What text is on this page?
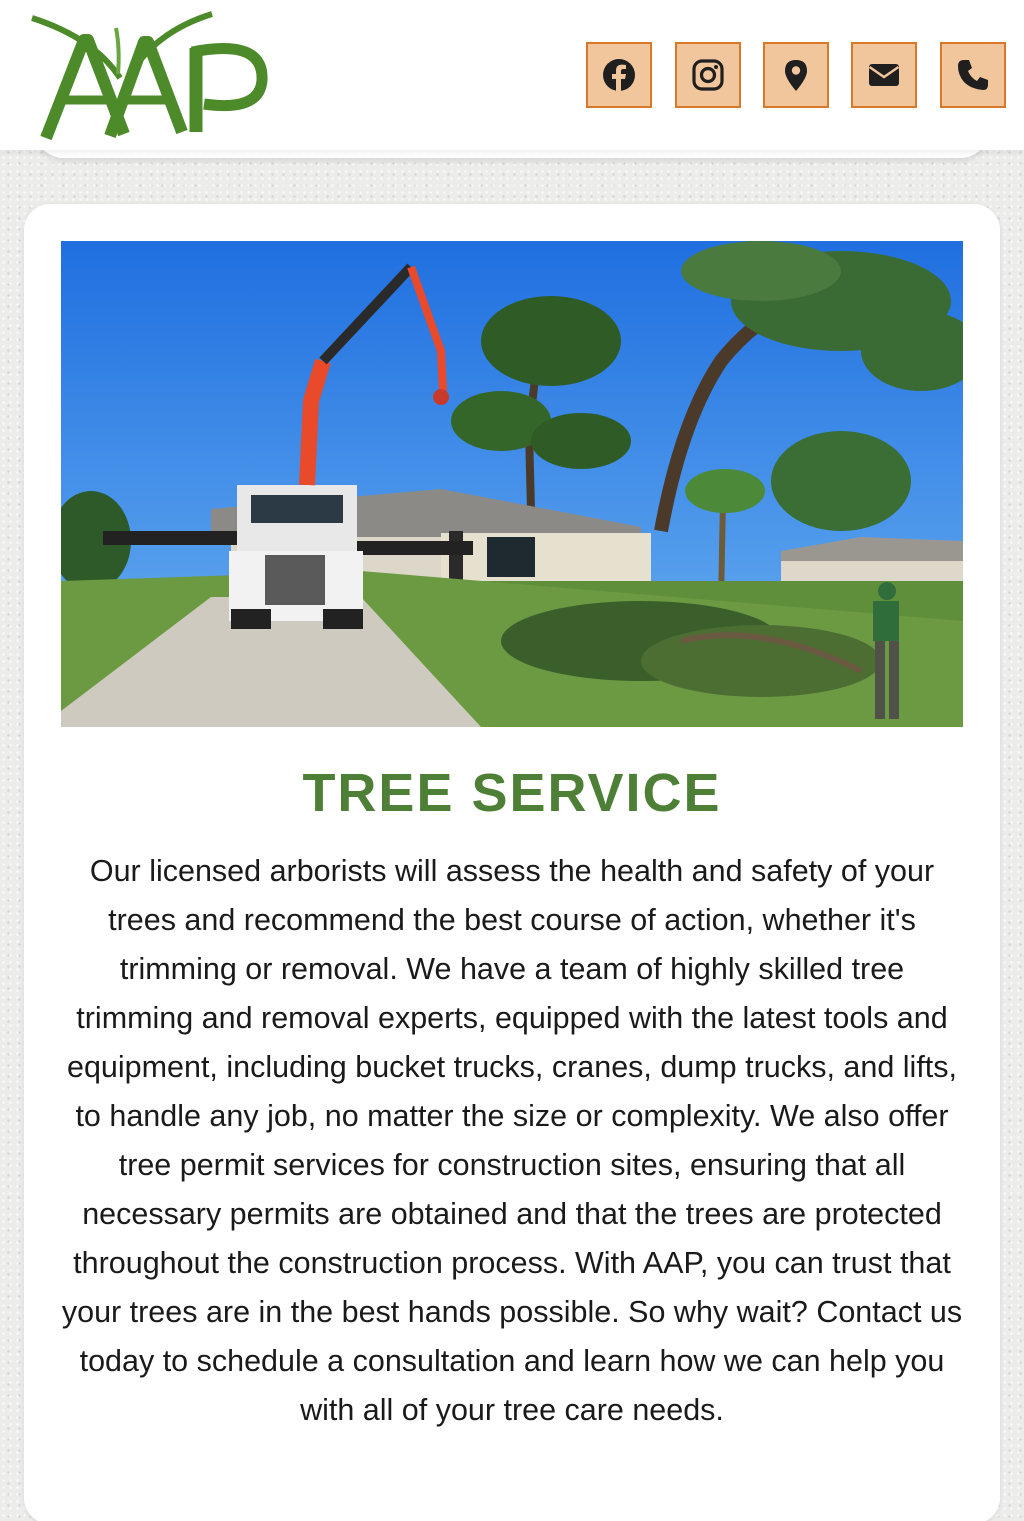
TREE SERVICE

Our licensed arborists will assess the health and safety of your trees and recommend the best course of action, whether it's trimming or removal. We have a team of highly skilled tree trimming and removal experts, equipped with the latest tools and equipment, including bucket trucks, cranes, dump trucks, and lifts, to handle any job, no matter the size or complexity. We also offer tree permit services for construction sites, ensuring that all necessary permits are obtained and that the trees are protected throughout the construction process. With AAP, you can trust that your trees are in the best hands possible. So why wait? Contact us today to schedule a consultation and learn how we can help you with all of your tree care needs.
